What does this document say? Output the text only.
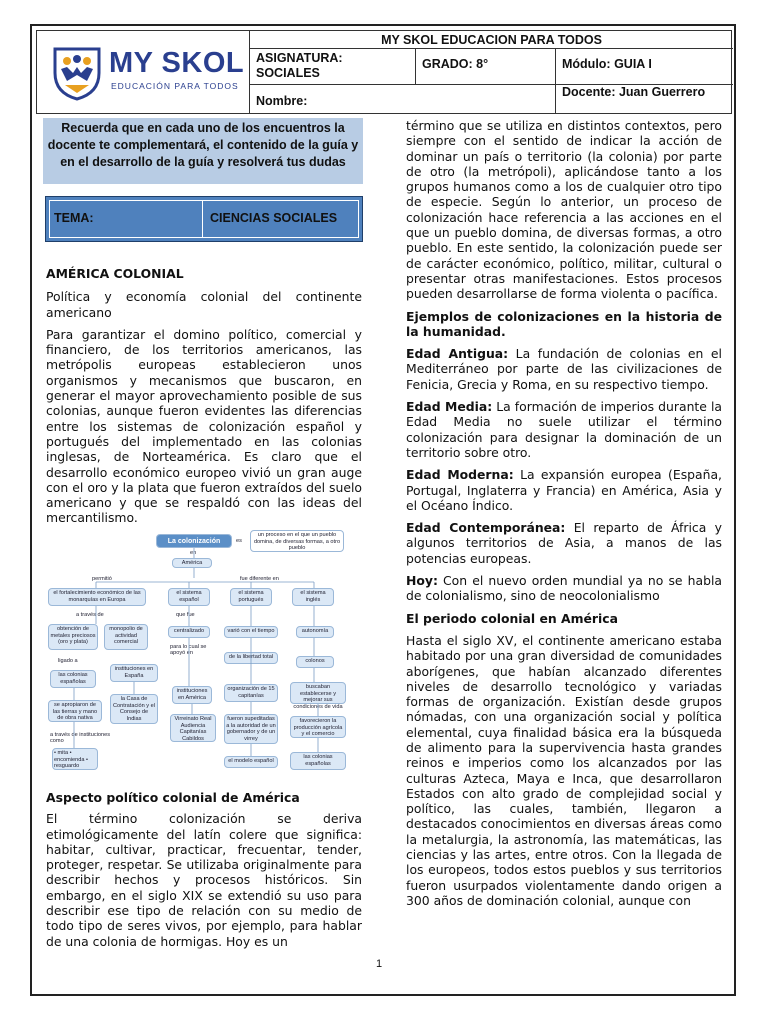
MY SKOL
EDUCACIÓN PARA TODOS
MY SKOL EDUCACION PARA TODOS
ASIGNATURA:
SOCIALES
GRADO: 8°	Módulo: GUIA I
Nombre:
Docente: Juan Guerrero
Recuerda que en cada uno de los encuentros la docente te complementará, el contenido de la guía y en el desarrollo de la guía y resolverá tus dudas
TEMA:	CIENCIAS SOCIALES

AMÉRICA COLONIAL

Política y economía colonial del continente americano

Para garantizar el domino político, comercial y financiero, de los territorios americanos, las metrópolis europeas establecieron unos organismos y mecanismos que buscaron, en generar el mayor aprovechamiento posible de sus colonias, aunque fueron evidentes las diferencias entre los sistemas de colonización español y portugués del implementado en las colonias inglesas, de Norteamérica. Es claro que el desarrollo económico europeo vivió un gran auge con el oro y la plata que fueron extraídos del suelo americano y que se respaldó con las ideas del mercantilismo.

La colonización	es
un proceso en el que un pueblo domina, de diversas formas, a otro pueblo
en
América
permitió	fue diferente en
el fortalecimiento económico de las monarquías en Europa
el sistema español
el sistema portugués
el sistema inglés
a través de	que fue
obtención de metales preciosos (oro y plata)
monopolio de actividad comercial
centralizado	varió con el tiempo	autonomía
ligado a
instituciones en España
para lo cual se apoyó en
de la libertad total
colonos
las colonias españolas
la Casa de Contratación y el Consejo de Indias
instituciones en América
organización de 15 capitanías
buscaban establecerse y mejorar sus condiciones de vida
se apropiaron de las tierras y mano de obra nativa	Virreinato Real Audiencia Capitanías Cabildos
fueron supeditadas a la autoridad de un gobernador y de un virrey
favorecieron la producción agrícola y el comercio
a través de instituciones como
• mita • encomienda • resguardo
el modelo español
las colonias españolas

Aspecto político colonial de América

El término colonización se deriva etimológicamente del latín colere que significa: habitar, cultivar, practicar, frecuentar, tender, proteger, respetar. Se utilizaba originalmente para describir hechos y procesos históricos. Sin embargo, en el siglo XIX se extendió su uso para describir ese tipo de relación con su medio de todo tipo de seres vivos, por ejemplo, para hablar de una colonia de hormigas. Hoy es un

término que se utiliza en distintos contextos, pero siempre con el sentido de indicar la acción de dominar un país o territorio (la colonia) por parte de otro (la metrópoli), aplicándose tanto a los grupos humanos como a los de cualquier otro tipo de especie. Según lo anterior, un proceso de colonización hace referencia a las acciones en el que un pueblo domina, de diversas formas, a otro pueblo. En este sentido, la colonización puede ser de carácter económico, político, militar, cultural o presentar otras manifestaciones. Estos procesos pueden desarrollarse de forma violenta o pacífica.

Ejemplos de colonizaciones en la historia de la humanidad.

Edad Antigua: La fundación de colonias en el Mediterráneo por parte de las civilizaciones de Fenicia, Grecia y Roma, en su respectivo tiempo.

Edad Media: La formación de imperios durante la Edad Media no suele utilizar el término colonización para designar la dominación de un territorio sobre otro.

Edad Moderna: La expansión europea (España, Portugal, Inglaterra y Francia) en América, Asia y el Océano Índico.

Edad Contemporánea: El reparto de África y algunos territorios de Asia, a manos de las potencias europeas.

Hoy: Con el nuevo orden mundial ya no se habla de colonialismo, sino de neocolonialismo

El periodo colonial en América

Hasta el siglo XV, el continente americano estaba habitado por una gran diversidad de comunidades aborígenes, que habían alcanzado diferentes niveles de desarrollo tecnológico y variadas formas de organización. Existían desde grupos nómadas, con una organización social y política elemental, cuya finalidad básica era la búsqueda de alimento para la supervivencia hasta grandes reinos e imperios como los alcanzados por las culturas Azteca, Maya e Inca, que desarrollaron Estados con alto grado de complejidad social y político, las cuales, también, llegaron a destacados conocimientos en diversas áreas como la metalurgia, la astronomía, las matemáticas, las ciencias y las artes, entre otros. Con la llegada de los europeos, todos estos pueblos y sus territorios fueron usurpados violentamente dando origen a 300 años de dominación colonial, aunque con

1
